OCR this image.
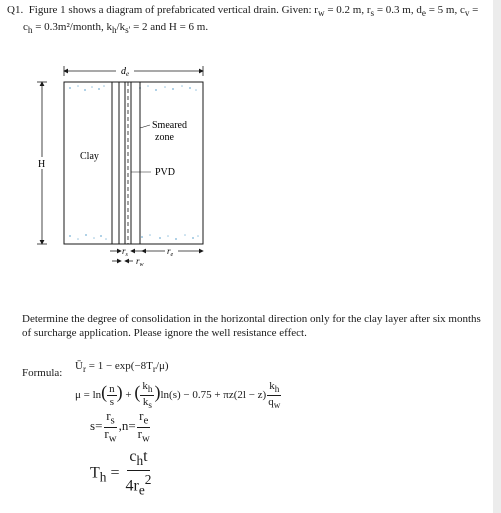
Q1.  Figure 1 shows a diagram of prefabricated vertical drain. Given: $r_w = 0.2$ m, $r_s = 0.3$ m, $d_e = 5$ m, $c_v$ =
$c_h$ = 0.3m²/month, $k_h/k_{s'} = 2$ and H = 6 m.
$d_e$
H
Clay
Smeared
zone
PVD
$r_s$	$r_e$
$r_w$
Determine the degree of consolidation in the horizontal direction only for the clay layer after six months of surcharge application. Please ignore the well resistance effect.
Formula:
$Ū_r = 1 - \exp(-8T_r/\mu)$
$\mu = \ln( \frac{n}{s}$ ) + ( $\frac{k_h}{k_s} )\ln(s) - 0.75 + \pi z(2l - z) \frac{k_h}{q_w}$
$s= \frac{r_s}{r_w} ,n= \frac{r_e}{r_w}$
$T_h = \frac{c_ht}{4r_e^2}$
